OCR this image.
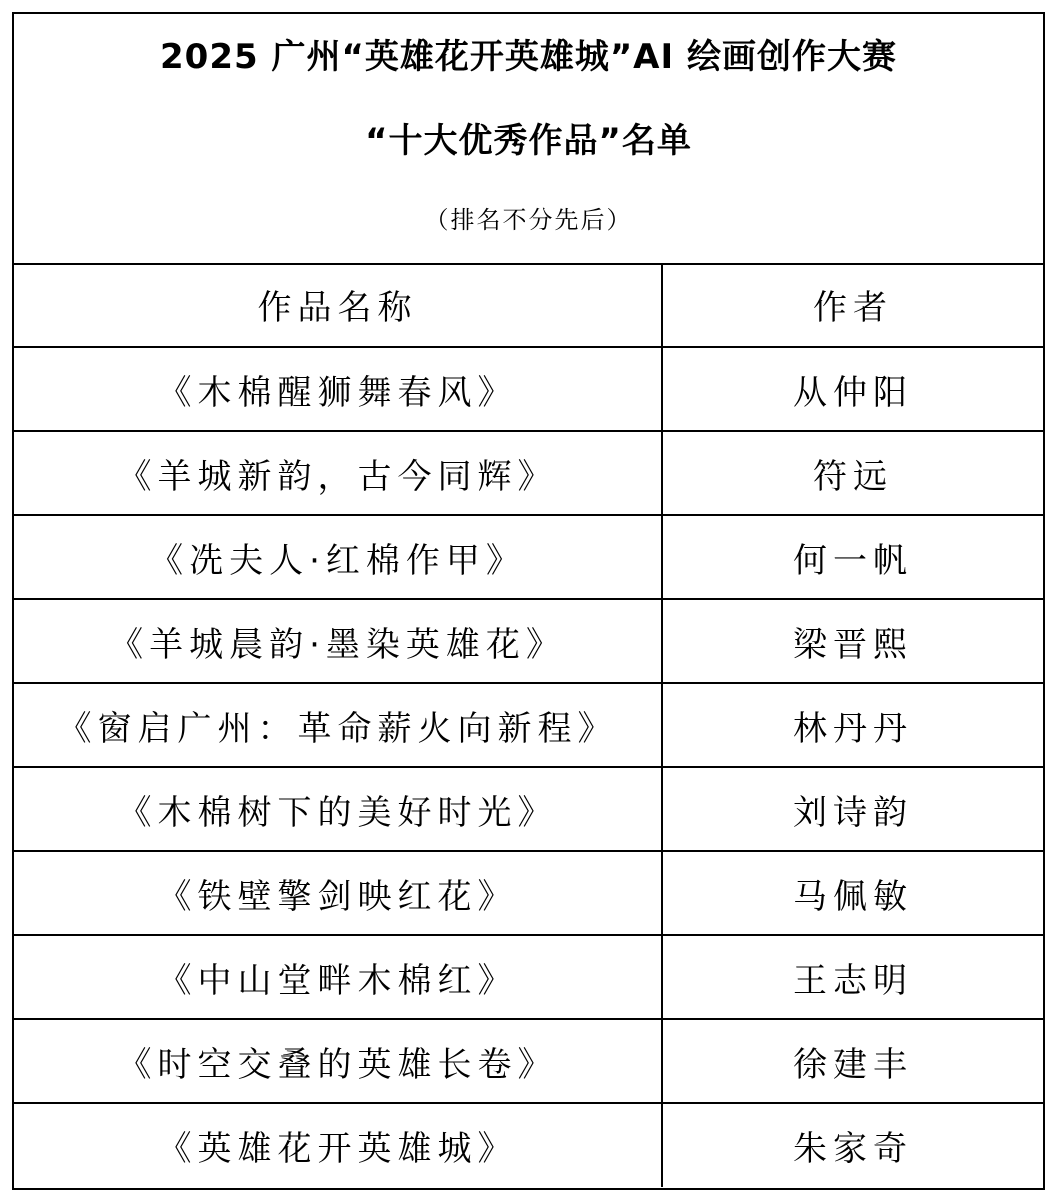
2025 广州“英雄花开英雄城”AI 绘画创作大赛
“十大优秀作品”名单
（排名不分先后）
作品名称	作者
《木棉醒狮舞春风》	从仲阳
《羊城新韵，古今同辉》	符远
《冼夫人·红棉作甲》	何一帆
《羊城晨韵·墨染英雄花》	梁晋熙
《窗启广州：革命薪火向新程》	林丹丹
《木棉树下的美好时光》	刘诗韵
《铁壁擎剑映红花》	马佩敏
《中山堂畔木棉红》	王志明
《时空交叠的英雄长卷》	徐建丰
《英雄花开英雄城》	朱家奇
